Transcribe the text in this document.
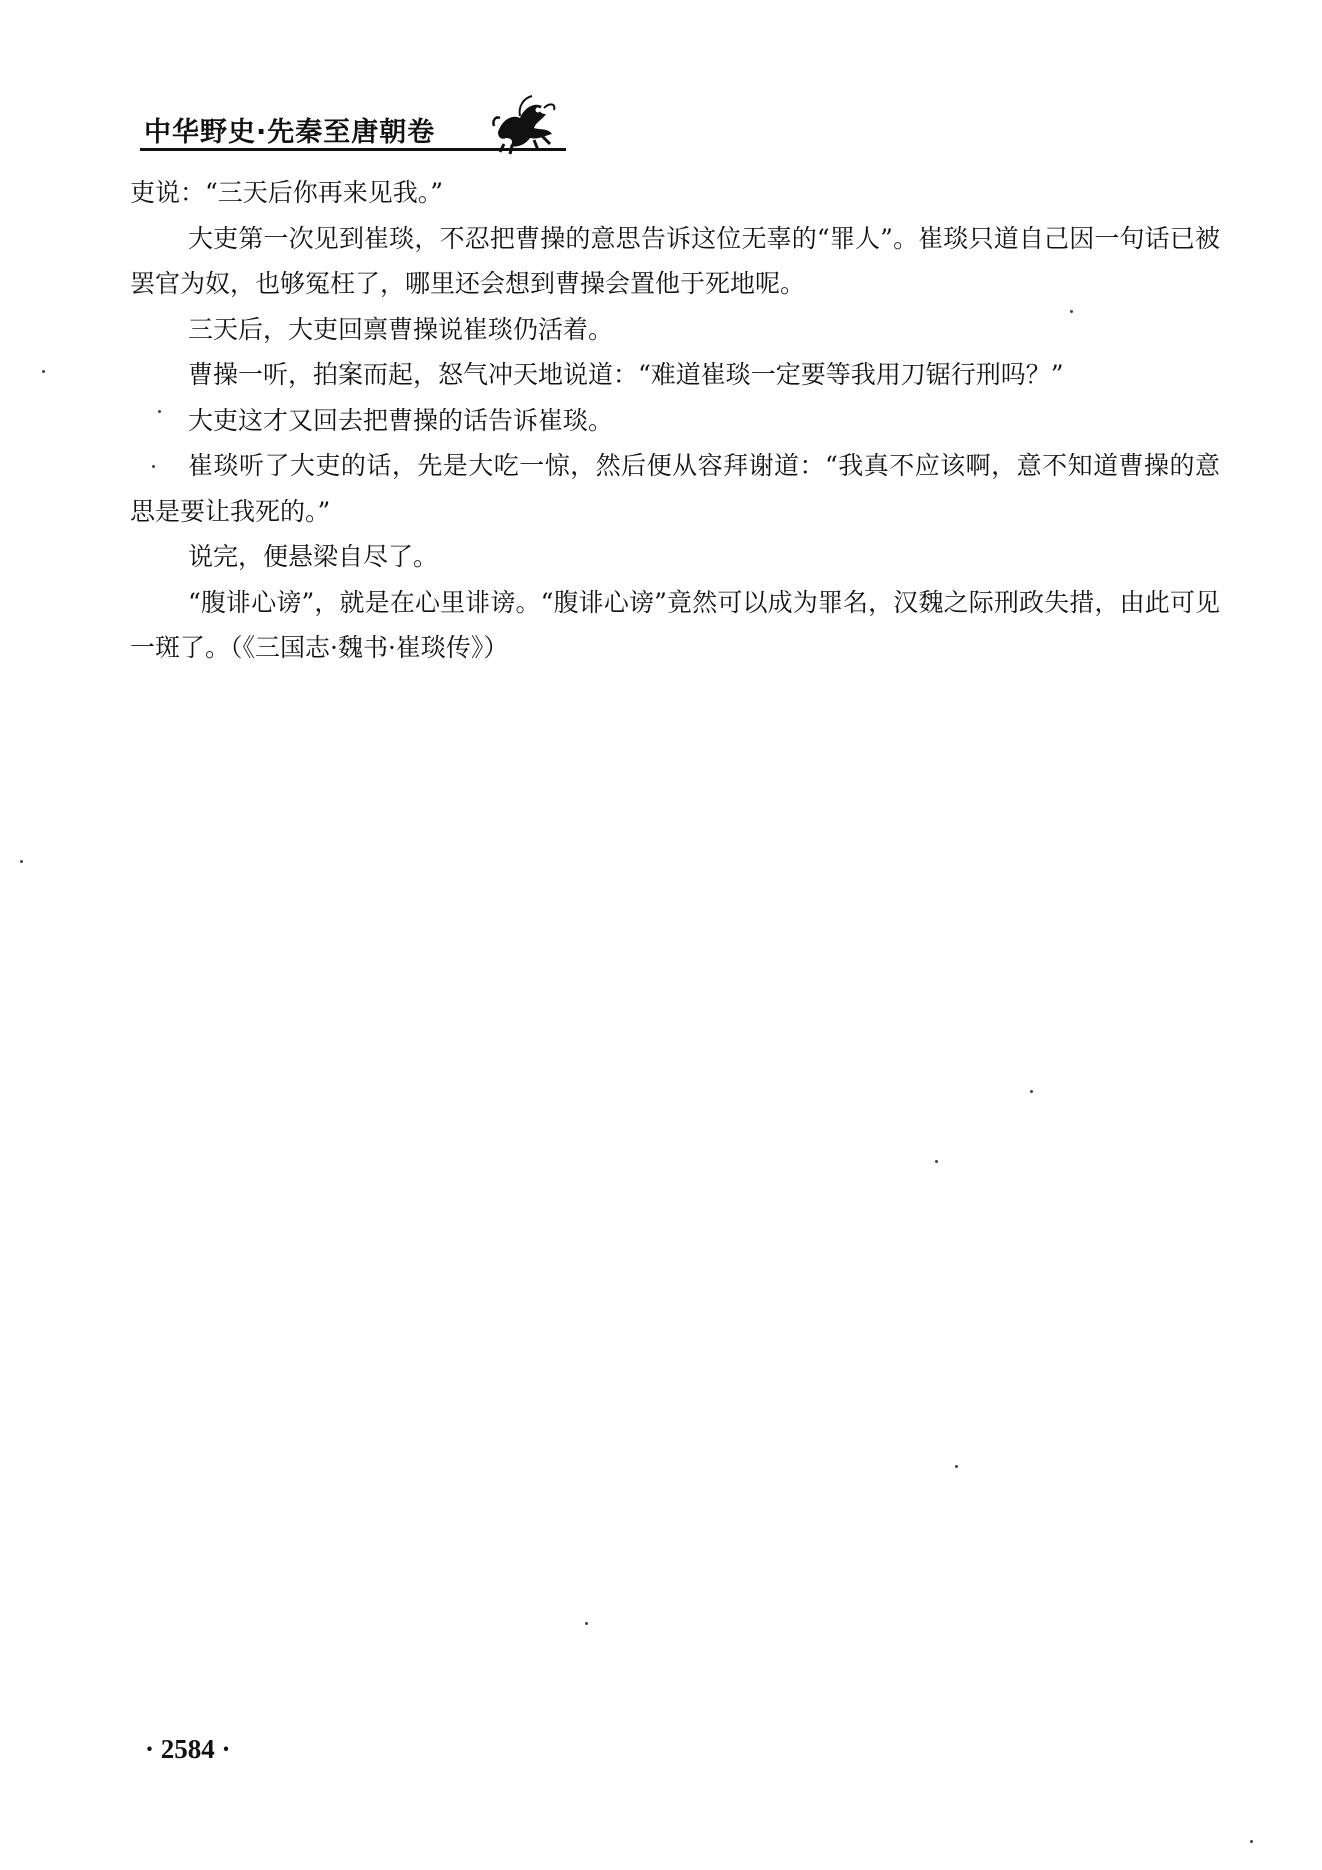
中华野史·先秦至唐朝卷

吏说：“三天后你再来见我。”

大吏第一次见到崔琰，不忍把曹操的意思告诉这位无辜的“罪人”。崔琰只道自己因一句话已被罢官为奴，也够冤枉了，哪里还会想到曹操会置他于死地呢。

三天后，大吏回禀曹操说崔琰仍活着。

曹操一听，拍案而起，怒气冲天地说道：“难道崔琰一定要等我用刀锯行刑吗？”

大吏这才又回去把曹操的话告诉崔琰。

崔琰听了大吏的话，先是大吃一惊，然后便从容拜谢道：“我真不应该啊，意不知道曹操的意思是要让我死的。”

说完，便悬梁自尽了。

“腹诽心谤”，就是在心里诽谤。“腹诽心谤”竟然可以成为罪名，汉魏之际刑政失措，由此可见一斑了。（《三国志·魏书·崔琰传》）

· 2584 ·
